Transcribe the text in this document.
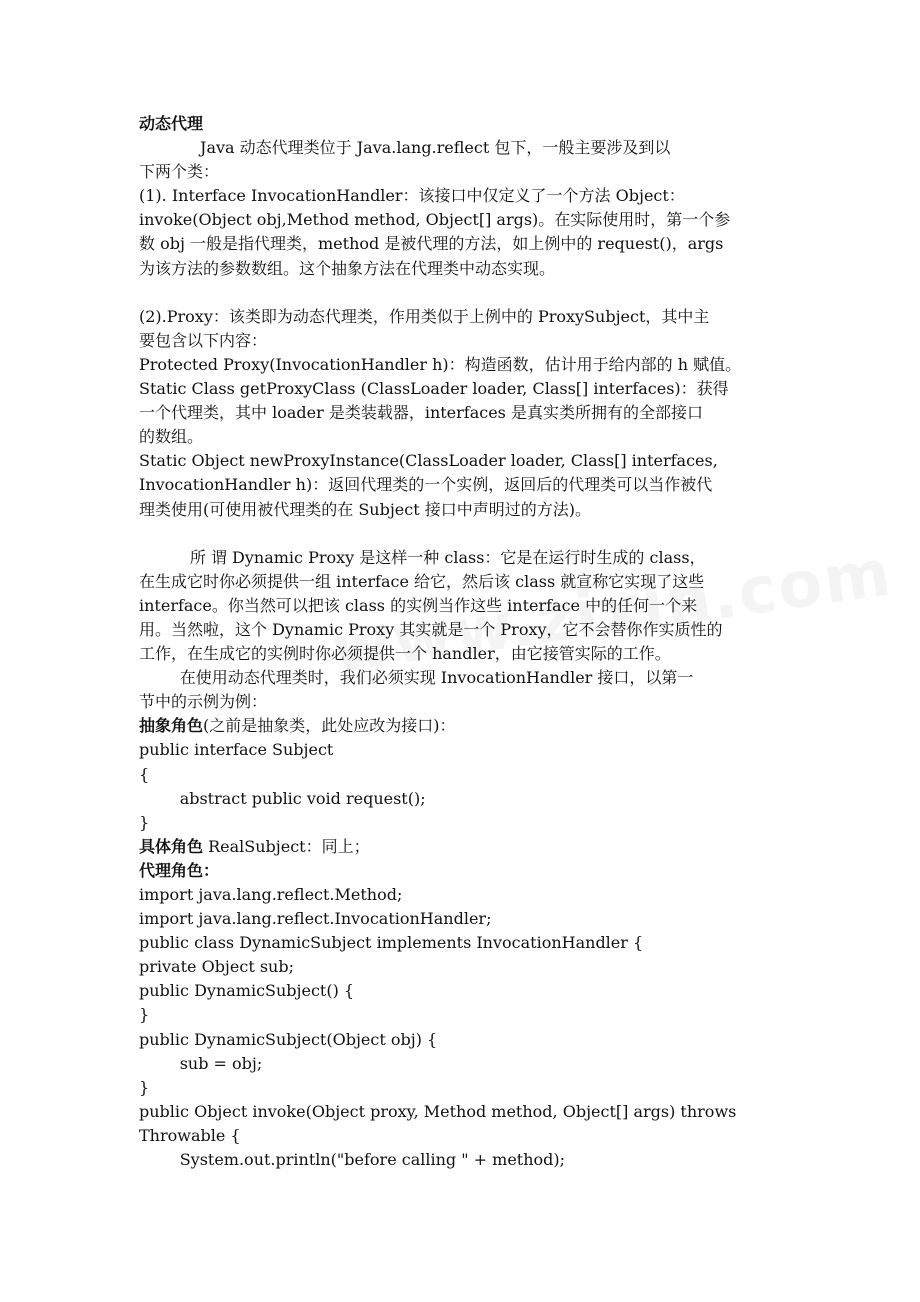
动态代理
Java 动态代理类位于 Java.lang.reflect 包下，一般主要涉及到以
下两个类：
(1). Interface InvocationHandler：该接口中仅定义了一个方法 Object：
invoke(Object obj,Method method, Object[] args)。在实际使用时，第一个参
数 obj 一般是指代理类，method 是被代理的方法，如上例中的 request()，args
为该方法的参数数组。这个抽象方法在代理类中动态实现。
(2).Proxy：该类即为动态代理类，作用类似于上例中的 ProxySubject，其中主
要包含以下内容：
Protected Proxy(InvocationHandler h)：构造函数，估计用于给内部的 h 赋值。
Static Class getProxyClass (ClassLoader loader, Class[] interfaces)：获得
一个代理类，其中 loader 是类装载器，interfaces 是真实类所拥有的全部接口
的数组。
Static Object newProxyInstance(ClassLoader loader, Class[] interfaces,
InvocationHandler h)：返回代理类的一个实例，返回后的代理类可以当作被代
理类使用(可使用被代理类的在 Subject 接口中声明过的方法)。
所 谓 Dynamic Proxy 是这样一种 class：它是在运行时生成的 class，
在生成它时你必须提供一组 interface 给它，然后该 class 就宣称它实现了这些
interface。你当然可以把该 class 的实例当作这些 interface 中的任何一个来
用。当然啦，这个 Dynamic Proxy 其实就是一个 Proxy，它不会替你作实质性的
工作，在生成它的实例时你必须提供一个 handler，由它接管实际的工作。
在使用动态代理类时，我们必须实现 InvocationHandler 接口，以第一
节中的示例为例：
抽象角色(之前是抽象类，此处应改为接口)：
public interface Subject
{
abstract public void request();
}
具体角色 RealSubject：同上；
代理角色：
import java.lang.reflect.Method;
import java.lang.reflect.InvocationHandler;
public class DynamicSubject implements InvocationHandler {
private Object sub;
public DynamicSubject() {
}
public DynamicSubject(Object obj) {
sub = obj;
}
public Object invoke(Object proxy, Method method, Object[] args) throws
Throwable {
System.out.println("before calling " + method);
